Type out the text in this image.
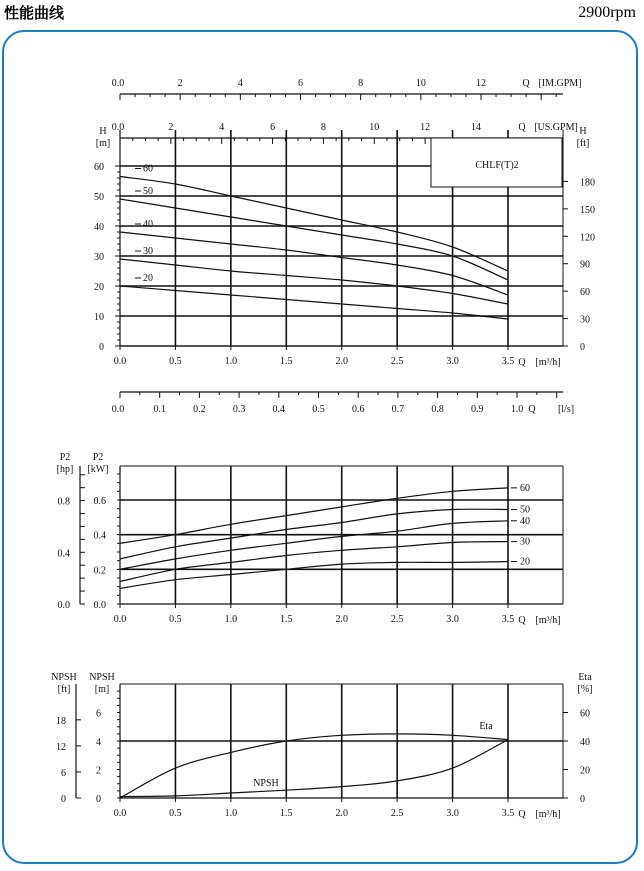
性能曲线	2900rpm
0.0	2	4	6	8	10	12	Q [IM.GPM]
0.0	2	4	6	8	10	12	14	Q [US.GPM]
0
10
20
30
40
50
60
H
[m]
0
30
60
90
120
150
180
H
[ft]
CHLF(T)2
60
50
40
30
20
0.0	0.5	1.0	1.5	2.0	2.5	3.0	3.5 Q [m³/h]
0.0	0.1	0.2	0.3	0.4	0.5	0.6	0.7	0.8	0.9	1.0 Q [l/s]
0.0
0.2
0.4
0.6
P2
[kW]
0.0
0.4
0.8
P2
[hp]
60
50
40
30
20
0.0	0.5	1.0	1.5	2.0	2.5	3.0	3.5 Q [m³/h]
0
2
4
6
NPSH
[m]
0
6
12
18
NPSH
[ft]
0
20
40
60
Eta
[%]
Eta
NPSH
0.0	0.5	1.0	1.5	2.0	2.5	3.0	3.5 Q [m³/h]
